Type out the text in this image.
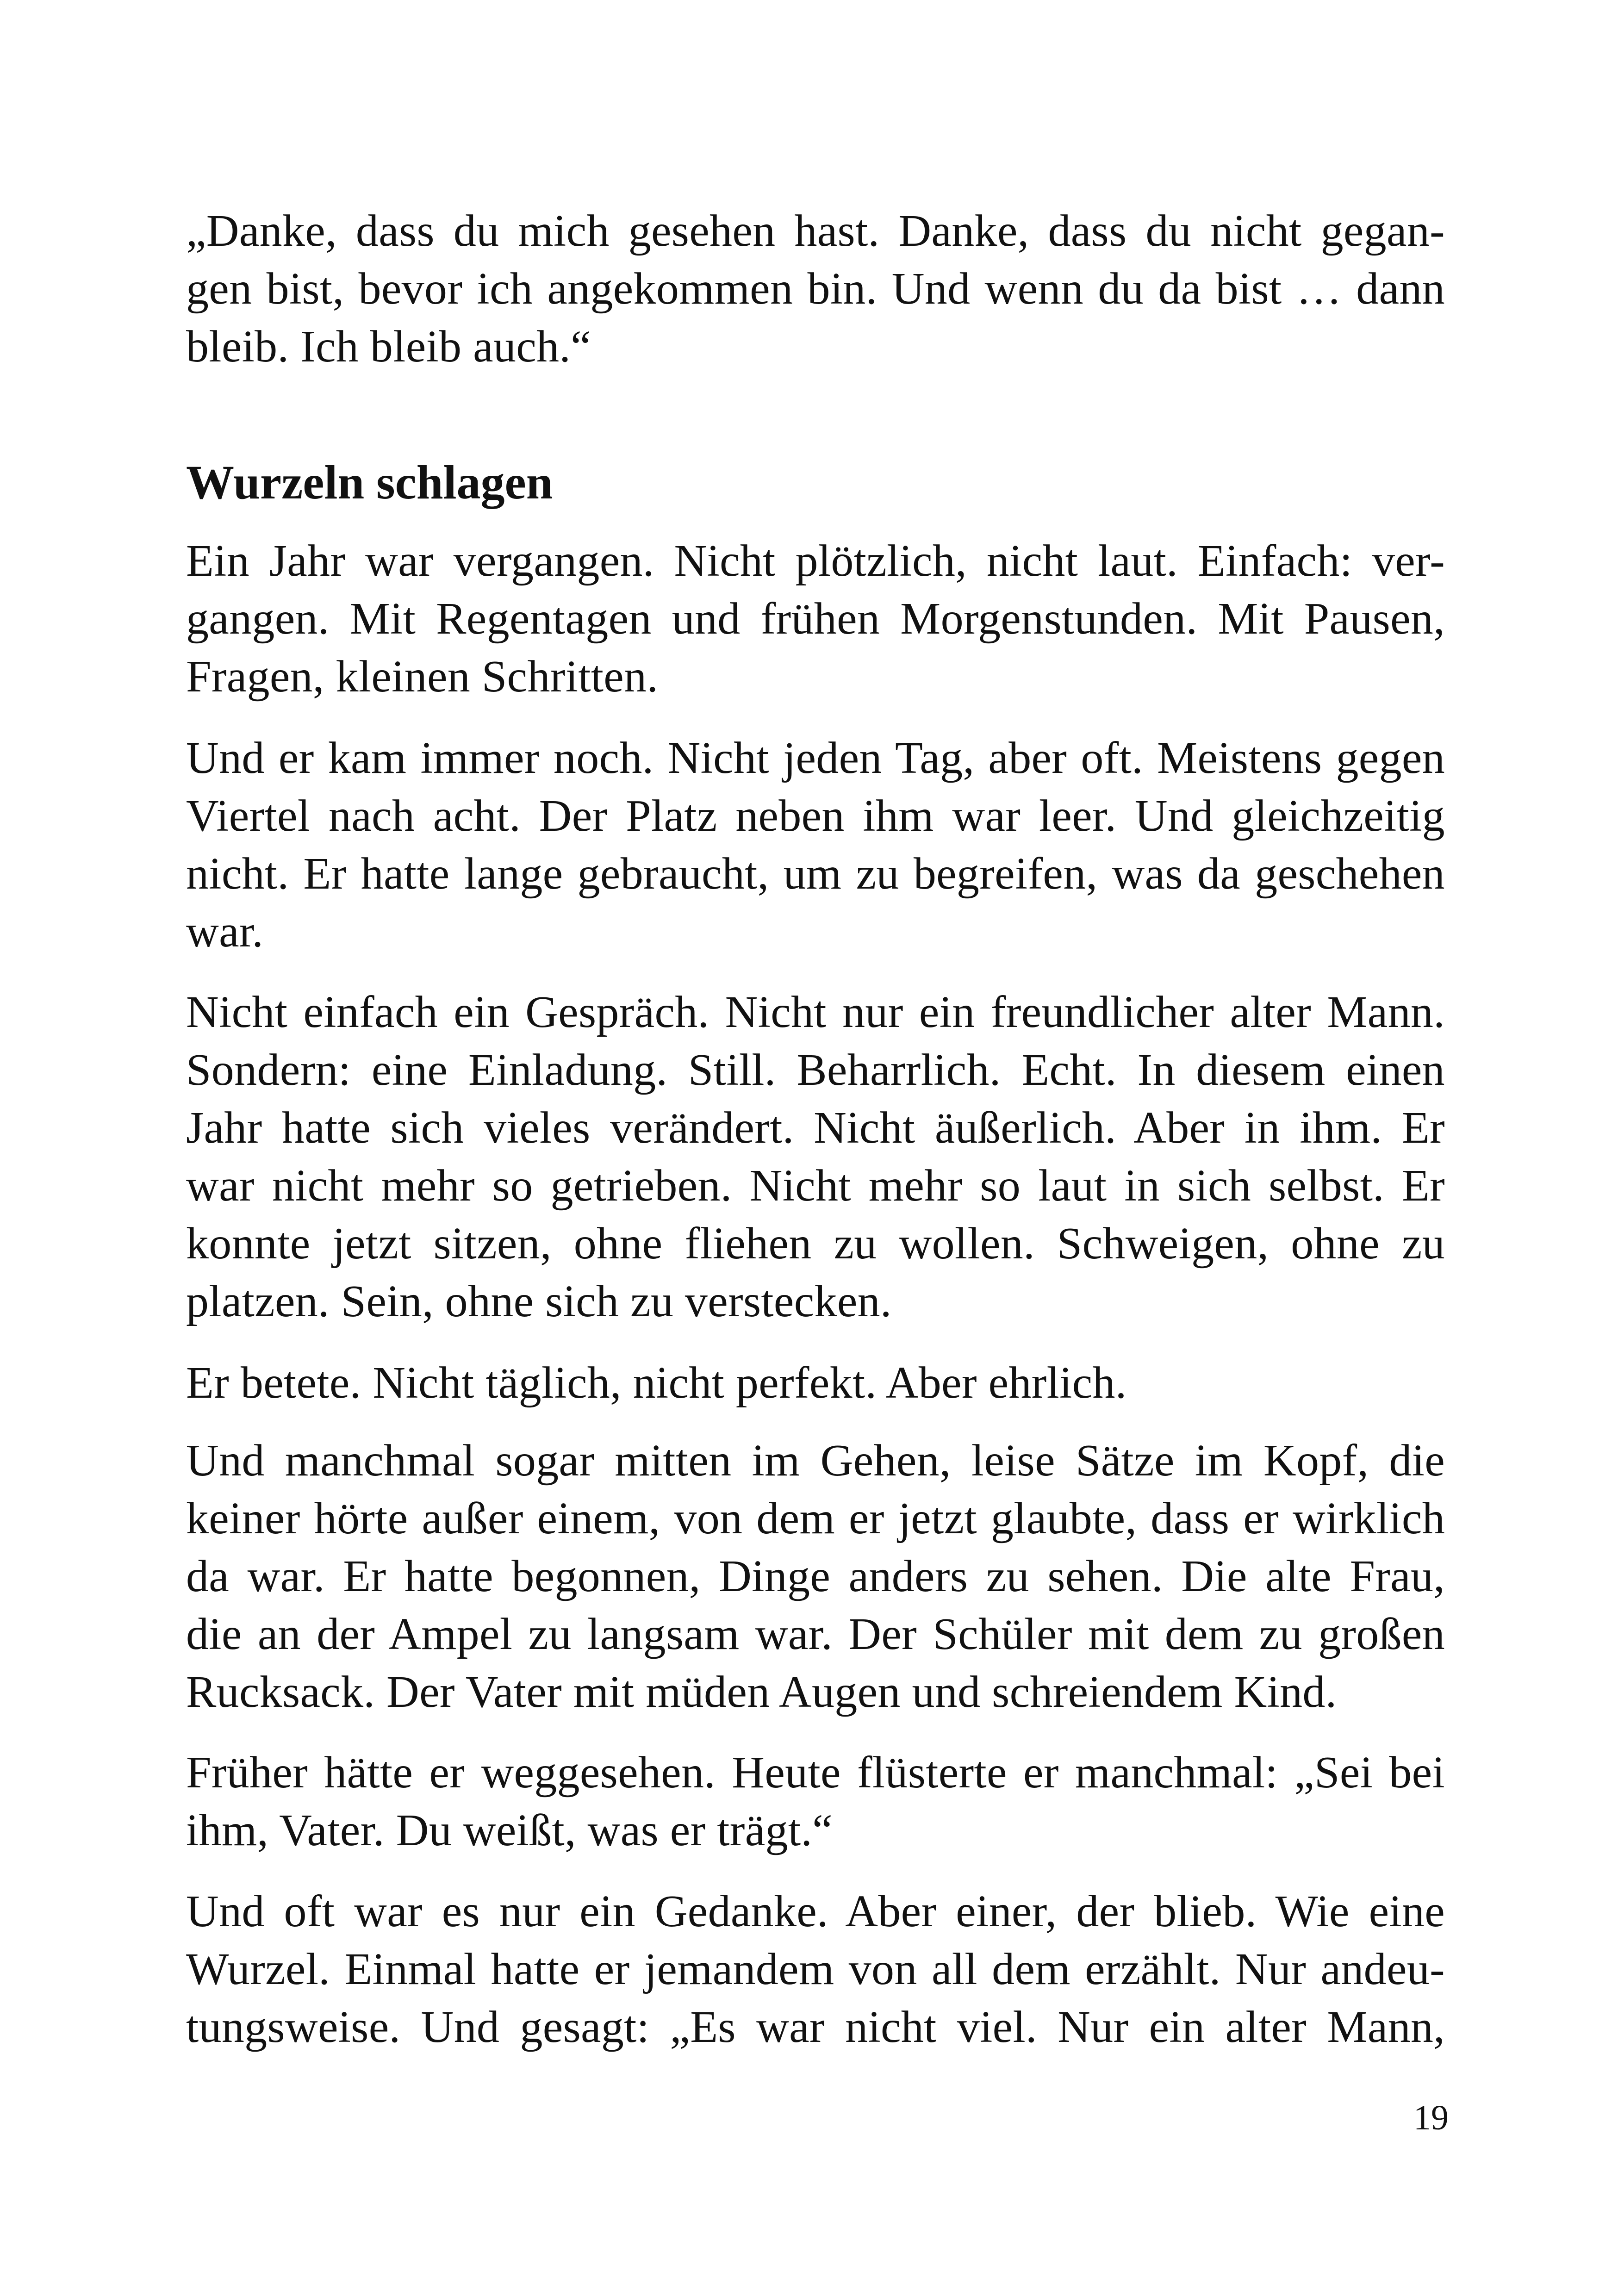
„Danke, dass du mich gesehen hast. Danke, dass du nicht gegan-
gen bist, bevor ich angekommen bin. Und wenn du da bist … dann
bleib. Ich bleib auch.“
Wurzeln schlagen
Ein Jahr war vergangen. Nicht plötzlich, nicht laut. Einfach: ver-
gangen. Mit Regentagen und frühen Morgenstunden. Mit Pausen,
Fragen, kleinen Schritten.
Und er kam immer noch. Nicht jeden Tag, aber oft. Meistens gegen
Viertel nach acht. Der Platz neben ihm war leer. Und gleichzeitig
nicht. Er hatte lange gebraucht, um zu begreifen, was da geschehen
war.
Nicht einfach ein Gespräch. Nicht nur ein freundlicher alter Mann.
Sondern: eine Einladung. Still. Beharrlich. Echt. In diesem einen
Jahr hatte sich vieles verändert. Nicht äußerlich. Aber in ihm. Er
war nicht mehr so getrieben. Nicht mehr so laut in sich selbst. Er
konnte jetzt sitzen, ohne fliehen zu wollen. Schweigen, ohne zu
platzen. Sein, ohne sich zu verstecken.
Er betete. Nicht täglich, nicht perfekt. Aber ehrlich.
Und manchmal sogar mitten im Gehen, leise Sätze im Kopf, die
keiner hörte außer einem, von dem er jetzt glaubte, dass er wirklich
da war. Er hatte begonnen, Dinge anders zu sehen. Die alte Frau,
die an der Ampel zu langsam war. Der Schüler mit dem zu großen
Rucksack. Der Vater mit müden Augen und schreiendem Kind.
Früher hätte er weggesehen. Heute flüsterte er manchmal: „Sei bei
ihm, Vater. Du weißt, was er trägt.“
Und oft war es nur ein Gedanke. Aber einer, der blieb. Wie eine
Wurzel. Einmal hatte er jemandem von all dem erzählt. Nur andeu-
tungsweise. Und gesagt: „Es war nicht viel. Nur ein alter Mann,
19
